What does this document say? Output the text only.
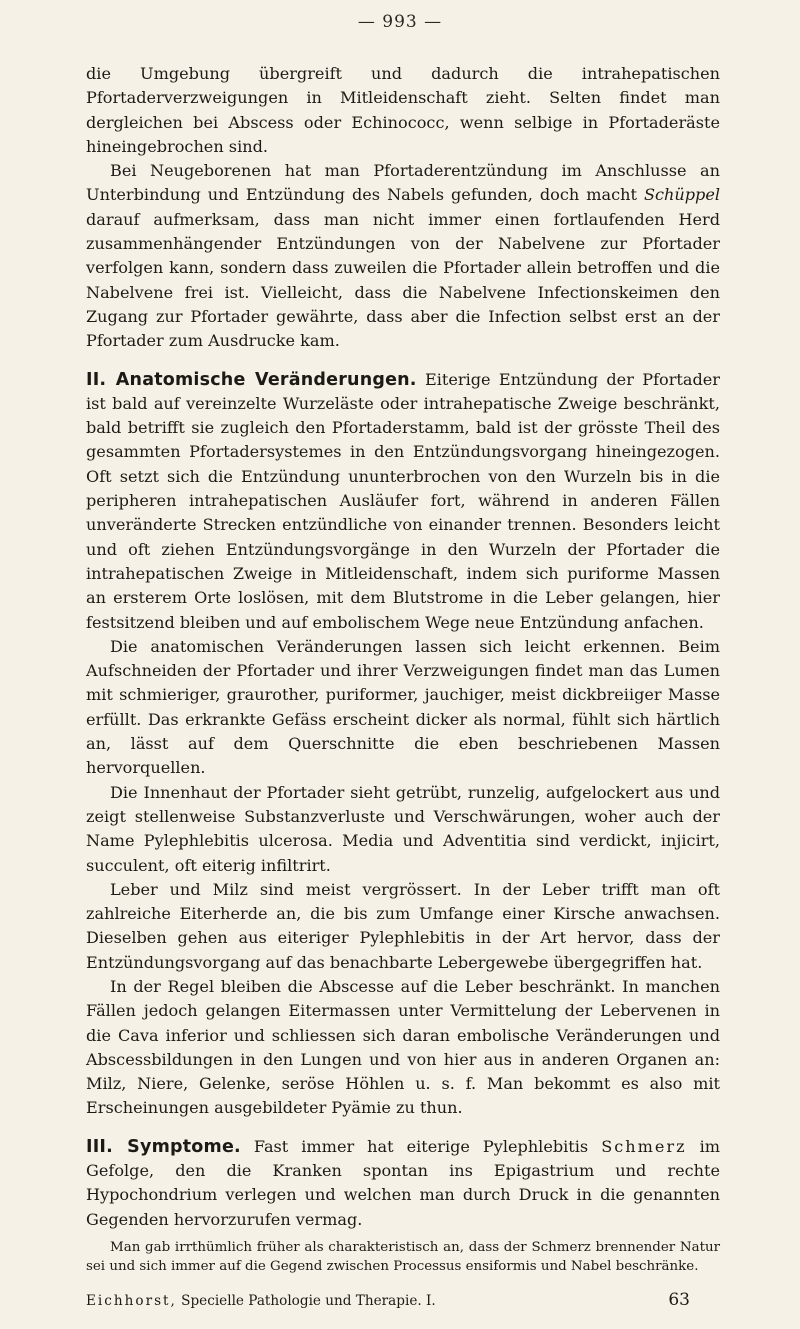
— 993 —

die Umgebung übergreift und dadurch die intrahepatischen Pfortaderverzweigungen in Mitleidenschaft zieht. Selten findet man dergleichen bei Abscess oder Echinococc, wenn selbige in Pfortaderäste hineingebrochen sind.

Bei Neugeborenen hat man Pfortaderentzündung im Anschlusse an Unterbindung und Entzündung des Nabels gefunden, doch macht Schüppel darauf aufmerksam, dass man nicht immer einen fortlaufenden Herd zusammenhängender Entzündungen von der Nabelvene zur Pfortader verfolgen kann, sondern dass zuweilen die Pfortader allein betroffen und die Nabelvene frei ist. Vielleicht, dass die Nabelvene Infectionskeimen den Zugang zur Pfortader gewährte, dass aber die Infection selbst erst an der Pfortader zum Ausdrucke kam.

II. Anatomische Veränderungen. Eiterige Entzündung der Pfortader ist bald auf vereinzelte Wurzeläste oder intrahepatische Zweige beschränkt, bald betrifft sie zugleich den Pfortaderstamm, bald ist der grösste Theil des gesammten Pfortadersystemes in den Entzündungsvorgang hineingezogen. Oft setzt sich die Entzündung ununterbrochen von den Wurzeln bis in die peripheren intrahepatischen Ausläufer fort, während in anderen Fällen unveränderte Strecken entzündliche von einander trennen. Besonders leicht und oft ziehen Entzündungsvorgänge in den Wurzeln der Pfortader die intrahepatischen Zweige in Mitleidenschaft, indem sich puriforme Massen an ersterem Orte loslösen, mit dem Blutstrome in die Leber gelangen, hier festsitzend bleiben und auf embolischem Wege neue Entzündung anfachen.

Die anatomischen Veränderungen lassen sich leicht erkennen. Beim Aufschneiden der Pfortader und ihrer Verzweigungen findet man das Lumen mit schmieriger, graurother, puriformer, jauchiger, meist dickbreiiger Masse erfüllt. Das erkrankte Gefäss erscheint dicker als normal, fühlt sich härtlich an, lässt auf dem Querschnitte die eben beschriebenen Massen hervorquellen.

Die Innenhaut der Pfortader sieht getrübt, runzelig, aufgelockert aus und zeigt stellenweise Substanzverluste und Verschwärungen, woher auch der Name Pylephlebitis ulcerosa. Media und Adventitia sind verdickt, injicirt, succulent, oft eiterig infiltrirt.

Leber und Milz sind meist vergrössert. In der Leber trifft man oft zahlreiche Eiterherde an, die bis zum Umfange einer Kirsche anwachsen. Dieselben gehen aus eiteriger Pylephlebitis in der Art hervor, dass der Entzündungsvorgang auf das benachbarte Lebergewebe übergegriffen hat.

In der Regel bleiben die Abscesse auf die Leber beschränkt. In manchen Fällen jedoch gelangen Eitermassen unter Vermittelung der Lebervenen in die Cava inferior und schliessen sich daran embolische Veränderungen und Abscessbildungen in den Lungen und von hier aus in anderen Organen an: Milz, Niere, Gelenke, seröse Höhlen u. s. f. Man bekommt es also mit Erscheinungen ausgebildeter Pyämie zu thun.

III. Symptome. Fast immer hat eiterige Pylephlebitis Schmerz im Gefolge, den die Kranken spontan ins Epigastrium und rechte Hypochondrium verlegen und welchen man durch Druck in die genannten Gegenden hervorzurufen vermag.

Man gab irrthümlich früher als charakteristisch an, dass der Schmerz brennender Natur sei und sich immer auf die Gegend zwischen Processus ensiformis und Nabel beschränke.

Eichhorst, Specielle Pathologie und Therapie. I.	63
